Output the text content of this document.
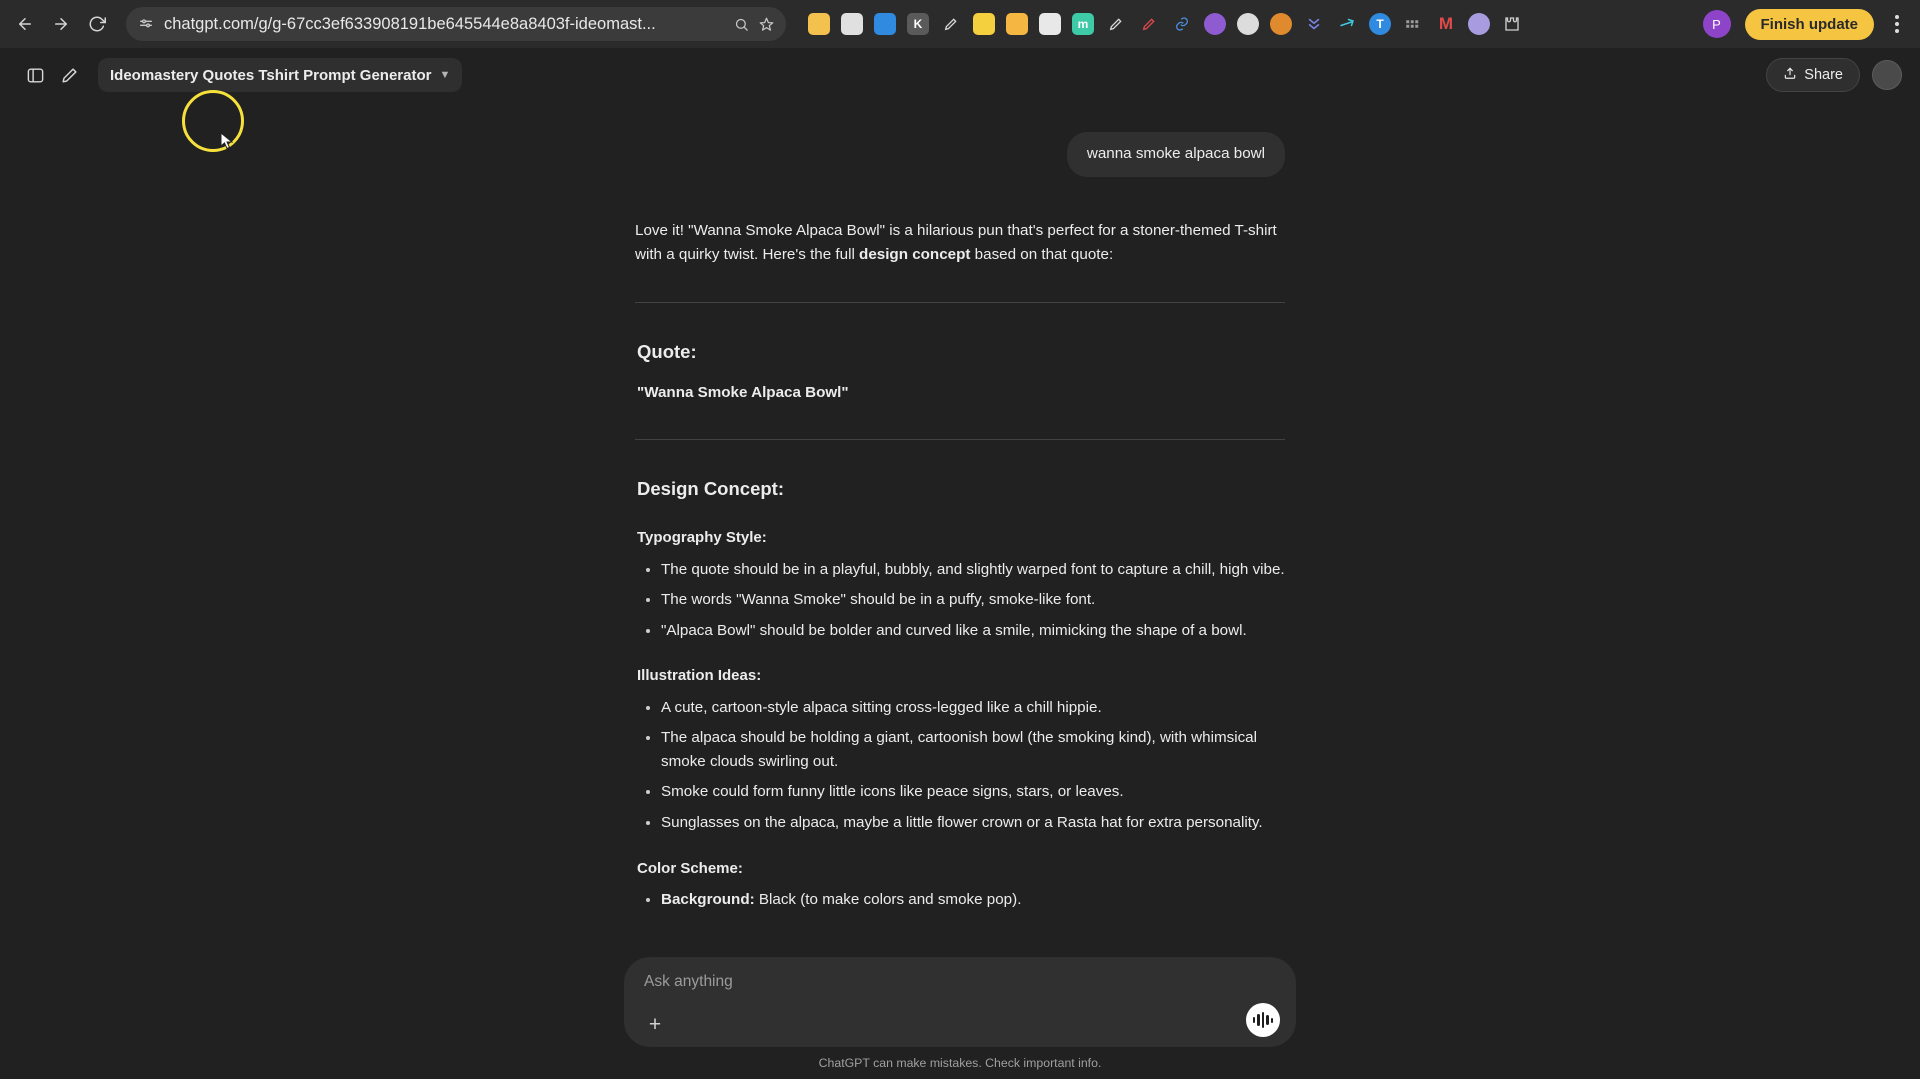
chatgpt.com/g/g-67cc3ef633908191be645544e8a8403f-ideomast...	K	m	T	M	P	Finish update
Ideomastery Quotes Tshirt Prompt Generator ▼	Share
wanna smoke alpaca bowl

Love it! "Wanna Smoke Alpaca Bowl" is a hilarious pun that's perfect for a stoner-themed T-shirt with a quirky twist. Here's the full design concept based on that quote:

Quote:
"Wanna Smoke Alpaca Bowl"
Design Concept:
Typography Style:
• The quote should be in a playful, bubbly, and slightly warped font to capture a chill, high vibe.
• The words "Wanna Smoke" should be in a puffy, smoke-like font.
• "Alpaca Bowl" should be bolder and curved like a smile, mimicking the shape of a bowl.
Illustration Ideas:
• A cute, cartoon-style alpaca sitting cross-legged like a chill hippie.
• The alpaca should be holding a giant, cartoonish bowl (the smoking kind), with whimsical smoke clouds swirling out.
• Smoke could form funny little icons like peace signs, stars, or leaves.
• Sunglasses on the alpaca, maybe a little flower crown or a Rasta hat for extra personality.
Color Scheme:
• Background: Black (to make colors and smoke pop).
Ask anything
+
ChatGPT can make mistakes. Check important info.
